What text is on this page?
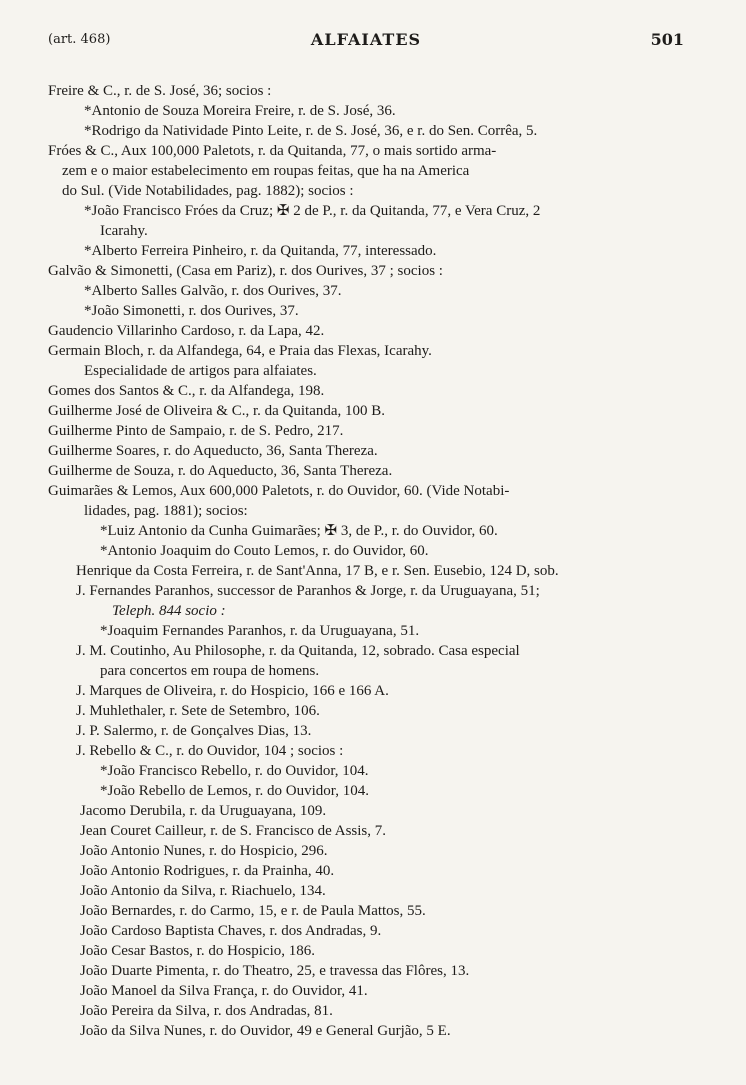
(art. 468)	ALFAIATES	501
Freire & C., r. de S. José, 36; socios :
*Antonio de Souza Moreira Freire, r. de S. José, 36.
*Rodrigo da Natividade Pinto Leite, r. de S. José, 36, e r. do Sen. Corrêa, 5.
Fróes & C., Aux 100,000 Paletots, r. da Quitanda, 77, o mais sortido arma-
zem e o maior estabelecimento em roupas feitas, que ha na America
do Sul. (Vide Notabilidades, pag. 1882); socios :
*João Francisco Fróes da Cruz; ✠ 2 de P., r. da Quitanda, 77, e Vera Cruz, 2
Icarahy.
*Alberto Ferreira Pinheiro, r. da Quitanda, 77, interessado.
Galvão & Simonetti, (Casa em Pariz), r. dos Ourives, 37 ; socios :
*Alberto Salles Galvão, r. dos Ourives, 37.
*João Simonetti, r. dos Ourives, 37.
Gaudencio Villarinho Cardoso, r. da Lapa, 42.
Germain Bloch, r. da Alfandega, 64, e Praia das Flexas, Icarahy.
Especialidade de artigos para alfaiates.
Gomes dos Santos & C., r. da Alfandega, 198.
Guilherme José de Oliveira & C., r. da Quitanda, 100 B.
Guilherme Pinto de Sampaio, r. de S. Pedro, 217.
Guilherme Soares, r. do Aqueducto, 36, Santa Thereza.
Guilherme de Souza, r. do Aqueducto, 36, Santa Thereza.
Guimarães & Lemos, Aux 600,000 Paletots, r. do Ouvidor, 60. (Vide Notabi-
lidades, pag. 1881); socios:
*Luiz Antonio da Cunha Guimarães; ✠ 3, de P., r. do Ouvidor, 60.
*Antonio Joaquim do Couto Lemos, r. do Ouvidor, 60.
Henrique da Costa Ferreira, r. de Sant'Anna, 17 B, e r. Sen. Eusebio, 124 D, sob.
J. Fernandes Paranhos, successor de Paranhos & Jorge, r. da Uruguayana, 51;
Teleph. 844 socio :
*Joaquim Fernandes Paranhos, r. da Uruguayana, 51.
J. M. Coutinho, Au Philosophe, r. da Quitanda, 12, sobrado. Casa especial
para concertos em roupa de homens.
J. Marques de Oliveira, r. do Hospicio, 166 e 166 A.
J. Muhlethaler, r. Sete de Setembro, 106.
J. P. Salermo, r. de Gonçalves Dias, 13.
J. Rebello & C., r. do Ouvidor, 104 ; socios :
*João Francisco Rebello, r. do Ouvidor, 104.
*João Rebello de Lemos, r. do Ouvidor, 104.
Jacomo Derubila, r. da Uruguayana, 109.
Jean Couret Cailleur, r. de S. Francisco de Assis, 7.
João Antonio Nunes, r. do Hospicio, 296.
João Antonio Rodrigues, r. da Prainha, 40.
João Antonio da Silva, r. Riachuelo, 134.
João Bernardes, r. do Carmo, 15, e r. de Paula Mattos, 55.
João Cardoso Baptista Chaves, r. dos Andradas, 9.
João Cesar Bastos, r. do Hospicio, 186.
João Duarte Pimenta, r. do Theatro, 25, e travessa das Flôres, 13.
João Manoel da Silva França, r. do Ouvidor, 41.
João Pereira da Silva, r. dos Andradas, 81.
João da Silva Nunes, r. do Ouvidor, 49 e General Gurjão, 5 E.
